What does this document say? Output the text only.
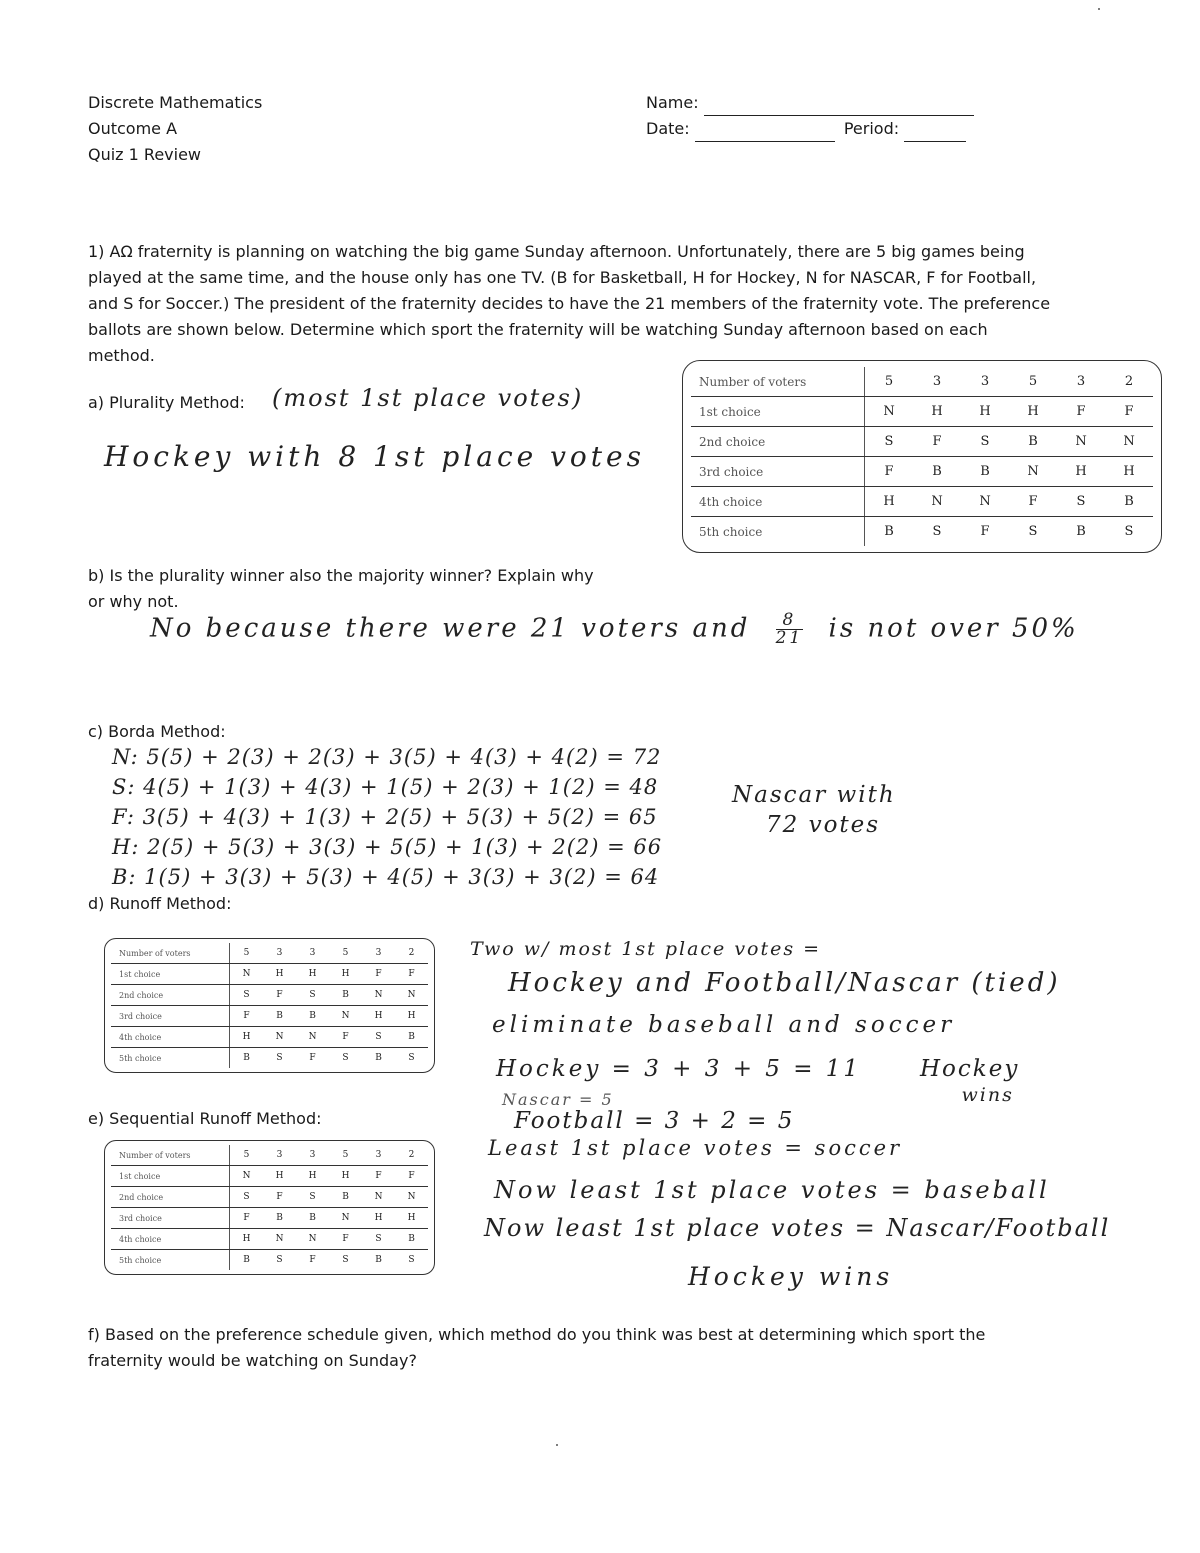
Discrete Mathematics
Outcome A
Quiz 1 Review
Name:
Date:	Period:
1) AΩ fraternity is planning on watching the big game Sunday afternoon. Unfortunately, there are 5 big games being
played at the same time, and the house only has one TV. (B for Basketball, H for Hockey, N for NASCAR, F for Football,
and S for Soccer.) The president of the fraternity decides to have the 21 members of the fraternity vote. The preference
ballots are shown below. Determine which sport the fraternity will be watching Sunday afternoon based on each
method.
Number of voters	5	3	3	5	3	2
1st choice	N	H	H	H	F	F
2nd choice	S	F	S	B	N	N
3rd choice	F	B	B	N	H	H
4th choice	H	N	N	F	S	B
5th choice	B	S	F	S	B	S
a) Plurality Method: (most 1st place votes)
Hockey with 8 1st place votes
b) Is the plurality winner also the majority winner? Explain why
or why not.
No because there were 21 voters and $\frac{8}{21}$ is not over 50%
c) Borda Method:
N: 5(5) + 2(3) + 2(3) + 3(5) + 4(3) + 4(2) = 72
S: 4(5) + 1(3) + 4(3) + 1(5) + 2(3) + 1(2) = 48
F: 3(5) + 4(3) + 1(3) + 2(5) + 5(3) + 5(2) = 65
H: 2(5) + 5(3) + 3(3) + 5(5) + 1(3) + 2(2) = 66
B: 1(5) + 3(3) + 5(3) + 4(5) + 3(3) + 3(2) = 64
Nascar with
72 votes
d) Runoff Method:
Number of voters	5	3	3	5	3	2
1st choice	N	H	H	H	F	F
2nd choice	S	F	S	B	N	N
3rd choice	F	B	B	N	H	H
4th choice	H	N	N	F	S	B
5th choice	B	S	F	S	B	S
Two w/ most 1st place votes =
Hockey and Football/Nascar (tied)
eliminate baseball and soccer
Hockey = 3 + 3 + 5 = 11
Nascar = 5
Football = 3 + 2 = 5
Hockey
wins
e) Sequential Runoff Method:
Number of voters	5	3	3	5	3	2
1st choice	N	H	H	H	F	F
2nd choice	S	F	S	B	N	N
3rd choice	F	B	B	N	H	H
4th choice	H	N	N	F	S	B
5th choice	B	S	F	S	B	S
Least 1st place votes = soccer
Now least 1st place votes = baseball
Now least 1st place votes = Nascar/Football
Hockey wins
f) Based on the preference schedule given, which method do you think was best at determining which sport the
fraternity would be watching on Sunday?
